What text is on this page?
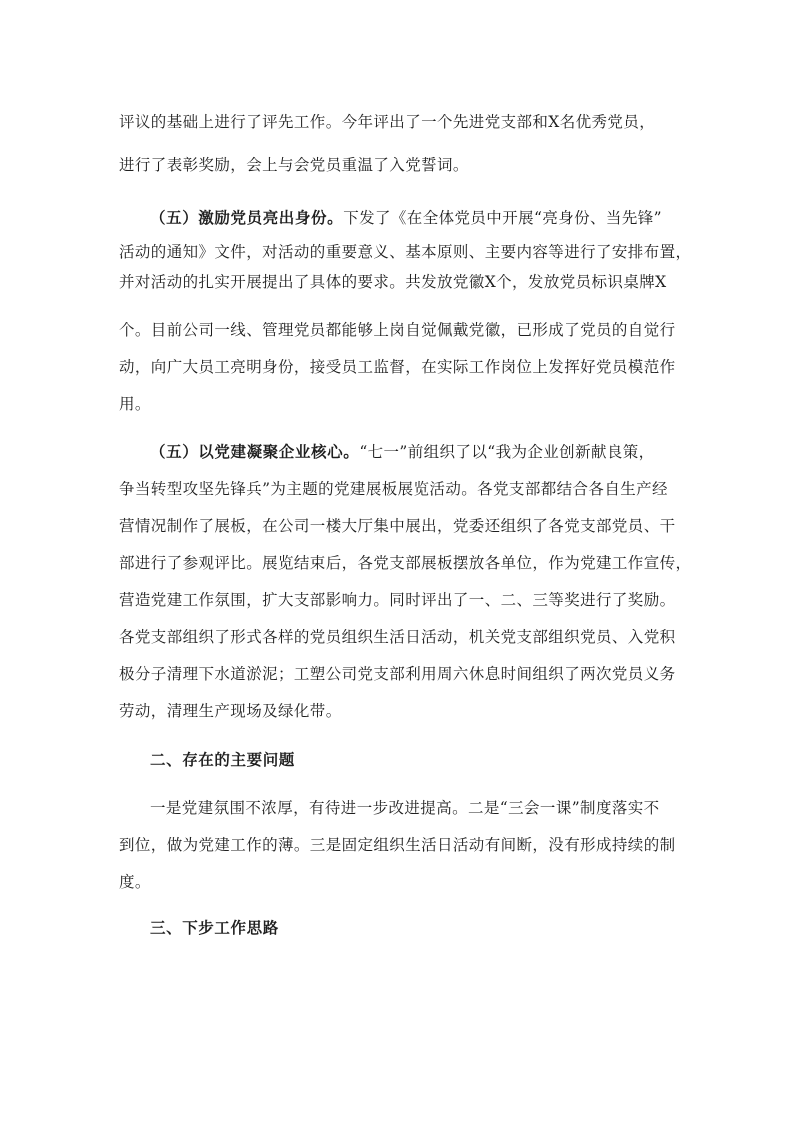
评议的基础上进行了评先工作。今年评出了一个先进党支部和X名优秀党员，
进行了表彰奖励，会上与会党员重温了入党誓词。
（五）激励党员亮出身份。下发了《在全体党员中开展“亮身份、当先锋”
活动的通知》文件，对活动的重要意义、基本原则、主要内容等进行了安排布置，
并对活动的扎实开展提出了具体的要求。共发放党徽X个，发放党员标识桌牌X
个。目前公司一线、管理党员都能够上岗自觉佩戴党徽，已形成了党员的自觉行
动，向广大员工亮明身份，接受员工监督，在实际工作岗位上发挥好党员模范作
用。
（五）以党建凝聚企业核心。“七一”前组织了以“我为企业创新献良策，
争当转型攻坚先锋兵”为主题的党建展板展览活动。各党支部都结合各自生产经
营情况制作了展板，在公司一楼大厅集中展出，党委还组织了各党支部党员、干
部进行了参观评比。展览结束后，各党支部展板摆放各单位，作为党建工作宣传，
营造党建工作氛围，扩大支部影响力。同时评出了一、二、三等奖进行了奖励。
各党支部组织了形式各样的党员组织生活日活动，机关党支部组织党员、入党积
极分子清理下水道淤泥；工塑公司党支部利用周六休息时间组织了两次党员义务
劳动，清理生产现场及绿化带。
二、存在的主要问题
一是党建氛围不浓厚，有待进一步改进提高。二是“三会一课”制度落实不
到位，做为党建工作的薄。三是固定组织生活日活动有间断，没有形成持续的制
度。
三、下步工作思路
